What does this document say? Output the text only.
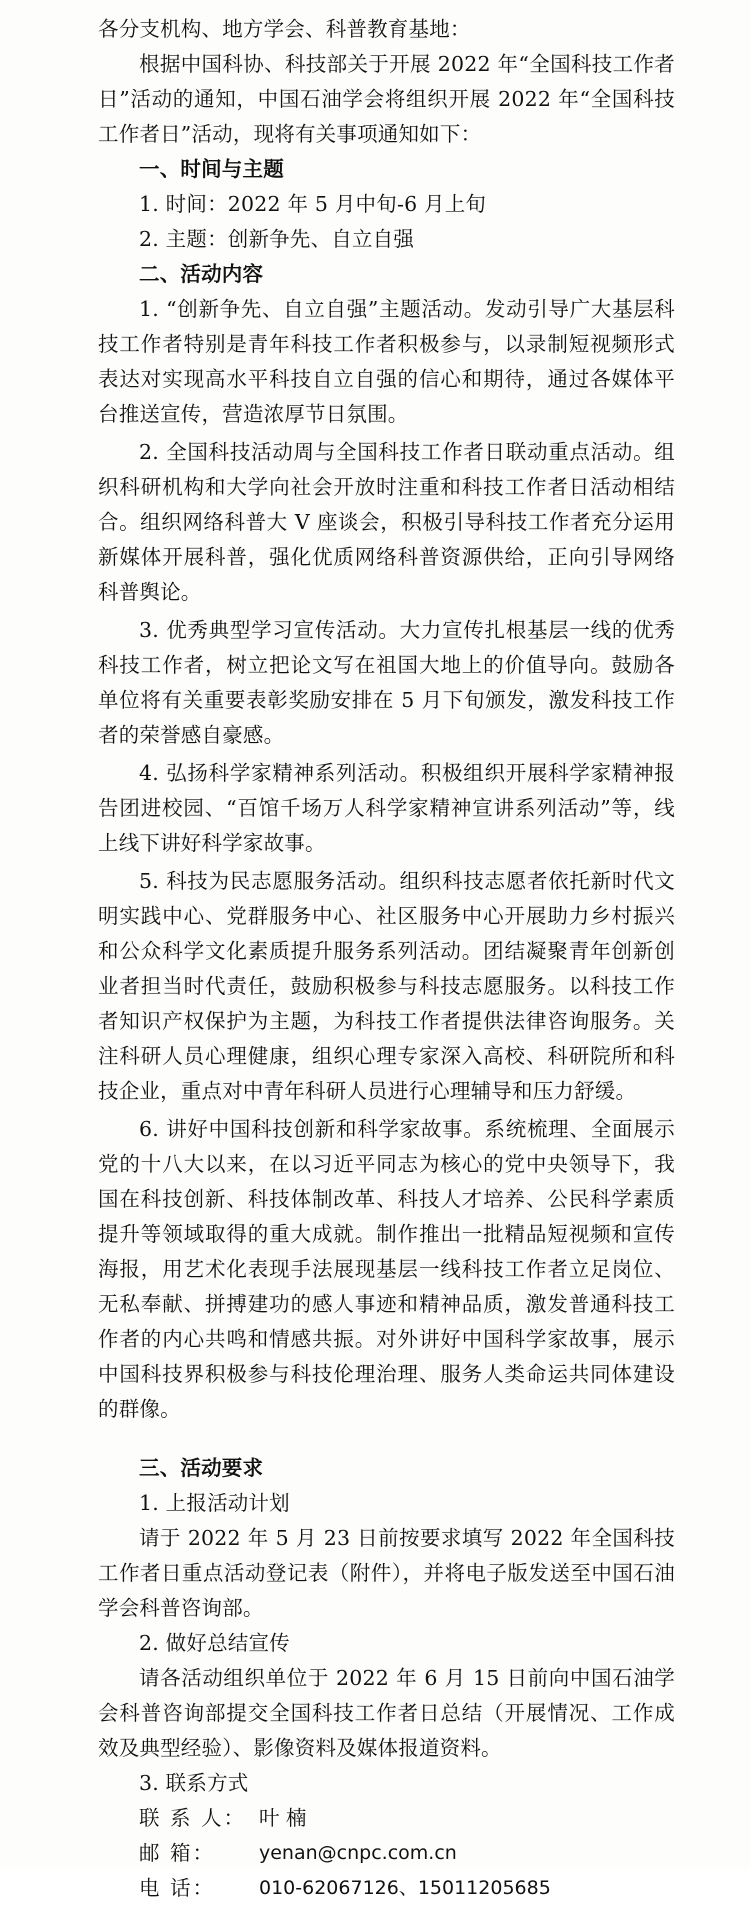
各分支机构、地方学会、科普教育基地：

根据中国科协、科技部关于开展 2022 年“全国科技工作者日”活动的通知，中国石油学会将组织开展 2022 年“全国科技工作者日”活动，现将有关事项通知如下：

一、时间与主题

1. 时间：2022 年 5 月中旬-6 月上旬

2. 主题：创新争先、自立自强

二、活动内容

1. “创新争先、自立自强”主题活动。发动引导广大基层科技工作者特别是青年科技工作者积极参与，以录制短视频形式表达对实现高水平科技自立自强的信心和期待，通过各媒体平台推送宣传，营造浓厚节日氛围。

2. 全国科技活动周与全国科技工作者日联动重点活动。组织科研机构和大学向社会开放时注重和科技工作者日活动相结合。组织网络科普大 V 座谈会，积极引导科技工作者充分运用新媒体开展科普，强化优质网络科普资源供给，正向引导网络科普舆论。

3. 优秀典型学习宣传活动。大力宣传扎根基层一线的优秀科技工作者，树立把论文写在祖国大地上的价值导向。鼓励各单位将有关重要表彰奖励安排在 5 月下旬颁发，激发科技工作者的荣誉感自豪感。

4. 弘扬科学家精神系列活动。积极组织开展科学家精神报告团进校园、“百馆千场万人科学家精神宣讲系列活动”等，线上线下讲好科学家故事。

5. 科技为民志愿服务活动。组织科技志愿者依托新时代文明实践中心、党群服务中心、社区服务中心开展助力乡村振兴和公众科学文化素质提升服务系列活动。团结凝聚青年创新创业者担当时代责任，鼓励积极参与科技志愿服务。以科技工作者知识产权保护为主题，为科技工作者提供法律咨询服务。关注科研人员心理健康，组织心理专家深入高校、科研院所和科技企业，重点对中青年科研人员进行心理辅导和压力舒缓。

6. 讲好中国科技创新和科学家故事。系统梳理、全面展示党的十八大以来，在以习近平同志为核心的党中央领导下，我国在科技创新、科技体制改革、科技人才培养、公民科学素质提升等领域取得的重大成就。制作推出一批精品短视频和宣传海报，用艺术化表现手法展现基层一线科技工作者立足岗位、无私奉献、拼搏建功的感人事迹和精神品质，激发普通科技工作者的内心共鸣和情感共振。对外讲好中国科学家故事，展示中国科技界积极参与科技伦理治理、服务人类命运共同体建设的群像。

三、活动要求

1. 上报活动计划

请于 2022 年 5 月 23 日前按要求填写 2022 年全国科技工作者日重点活动登记表（附件），并将电子版发送至中国石油学会科普咨询部。

2. 做好总结宣传

请各活动组织单位于 2022 年 6 月 15 日前向中国石油学会科普咨询部提交全国科技工作者日总结（开展情况、工作成效及典型经验）、影像资料及媒体报道资料。

3. 联系方式

联 系 人： 叶 楠
邮 箱：	yenan@cnpc.com.cn
电 话：	010-62067126、15011205685
